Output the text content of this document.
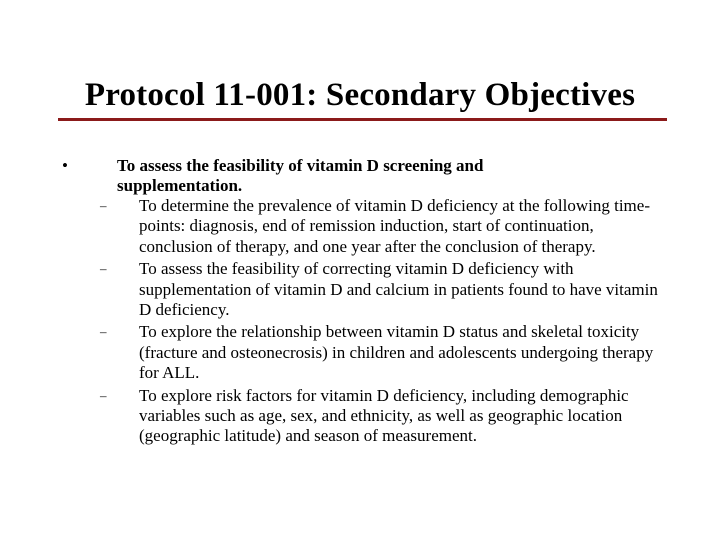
Protocol 11-001: Secondary Objectives
•	To assess the feasibility of vitamin D screening and supplementation.
– To determine the prevalence of vitamin D deficiency at the following time-points: diagnosis, end of remission induction, start of continuation, conclusion of therapy, and one year after the conclusion of therapy.
– To assess the feasibility of correcting vitamin D deficiency with supplementation of vitamin D and calcium in patients found to have vitamin D deficiency.
– To explore the relationship between vitamin D status and skeletal toxicity (fracture and osteonecrosis) in children and adolescents undergoing therapy for ALL.
– To explore risk factors for vitamin D deficiency, including demographic variables such as age, sex, and ethnicity, as well as geographic location (geographic latitude) and season of measurement.
